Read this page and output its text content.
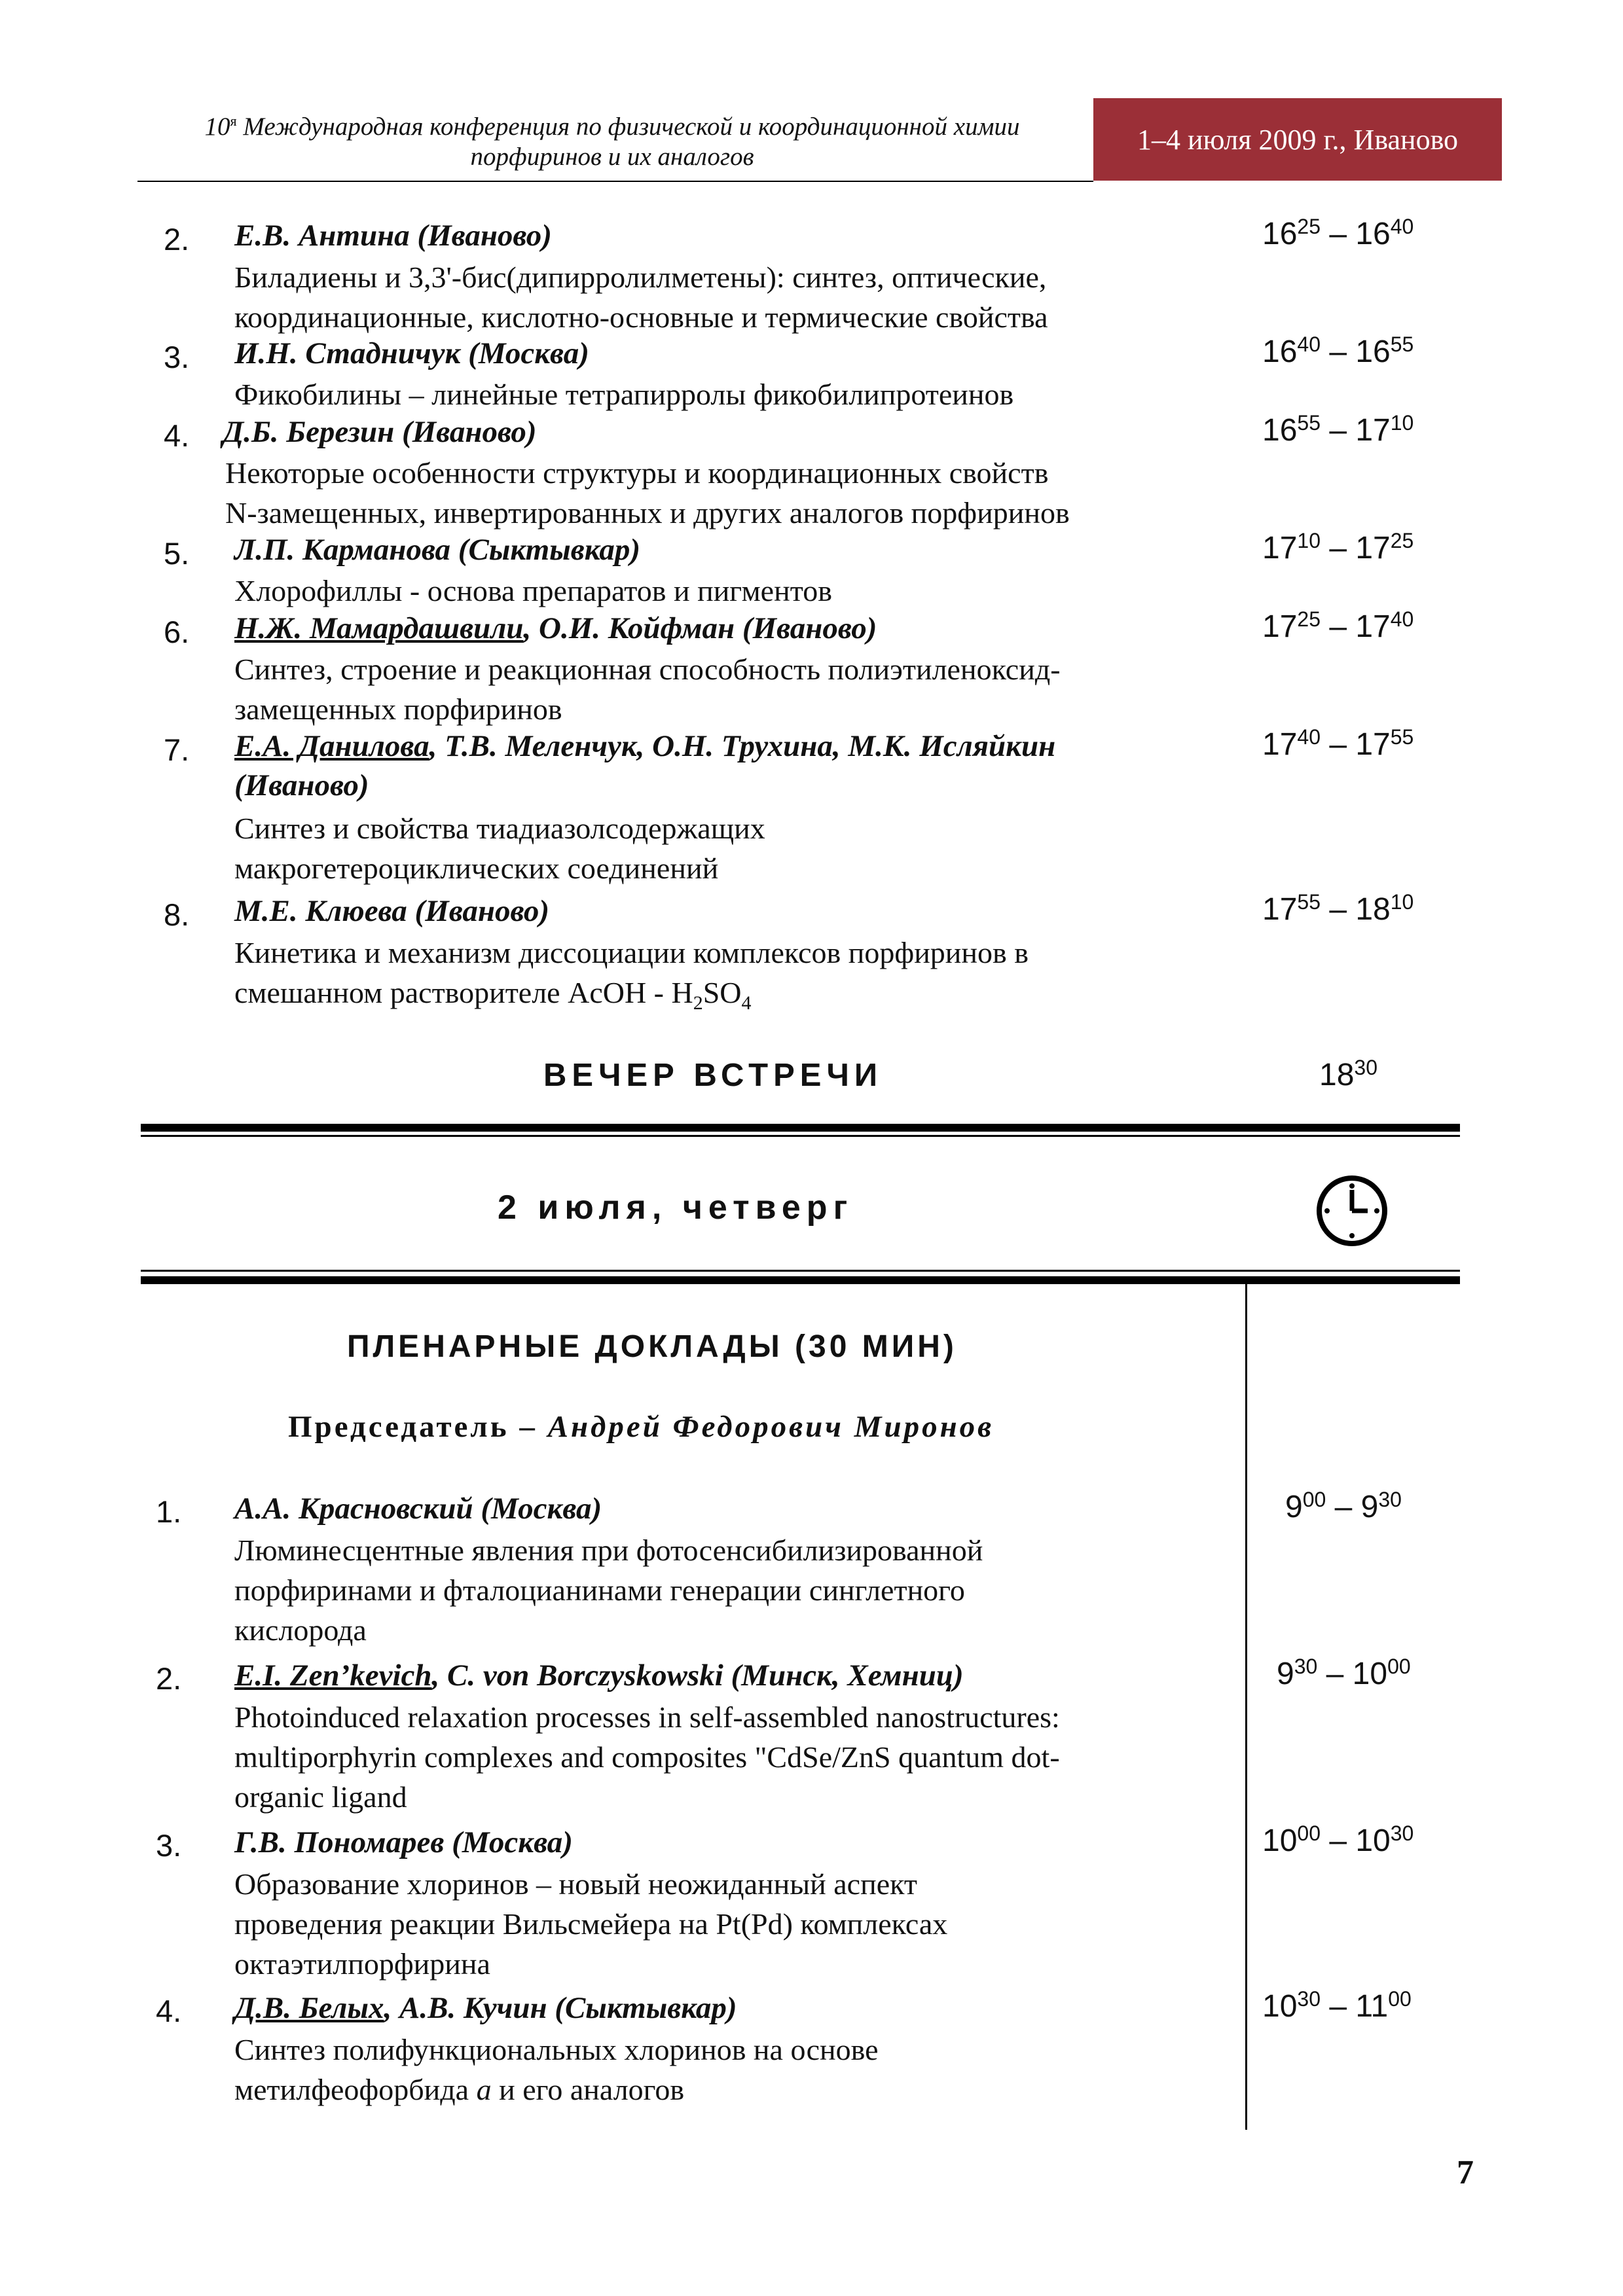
$10^я$ Международная конференция по физической и координационной химии
порфиринов и их аналогов
1–4 июля 2009 г., Иваново
2.	Е.В. Антина (Иваново)	$16^{25} - 16^{40}$
Биладиены и 3,3'-бис(дипирролилметены): синтез, оптические,
координационные, кислотно-основные и термические свойства
3.	И.Н. Стадничук (Москва)	$16^{40} - 16^{55}$
Фикобилины – линейные тетрапирролы фикобилипротеинов
4.	Д.Б. Березин (Иваново)	$16^{55} - 17^{10}$
Некоторые особенности структуры и координационных свойств
N-замещенных, инвертированных и других аналогов порфиринов
5.	Л.П. Карманова (Сыктывкар)	$17^{10} - 17^{25}$
Хлорофиллы - основа препаратов и пигментов
6.	Н.Ж. Мамардашвили, О.И. Койфман (Иваново)	$17^{25} - 17^{40}$
Синтез, строение и реакционная способность полиэтиленоксид-
замещенных порфиринов
7.	Е.А. Данилова, Т.В. Меленчук, О.Н. Трухина, М.К. Исляйкин
(Иваново)
$17^{40} - 17^{55}$
Синтез и свойства тиадиазолсодержащих
макрогетероциклических соединений
8.	М.Е. Клюева (Иваново)	$17^{55} - 18^{10}$
Кинетика и механизм диссоциации комплексов порфиринов в
смешанном растворителе AcOH - $H_2SO_4$
ВЕЧЕР ВСТРЕЧИ	$18^{30}$
2 июля, четверг
ПЛЕНАРНЫЕ ДОКЛАДЫ (30 МИН)
Председатель – Андрей Федорович Миронов
1.	А.А. Красновский (Москва)	$9^{00} - 9^{30}$
Люминесцентные явления при фотосенсибилизированной
порфиринами и фталоцианинами генерации синглетного
кислорода
2.	E.I. Zen’kevich, C. von Borczyskowski (Минск, Хемниц)	$9^{30} - 10^{00}$
Photoinduced relaxation processes in self-assembled nanostructures:
multiporphyrin complexes and composites "CdSe/ZnS quantum dot-
organic ligand
3.	Г.В. Пономарев (Москва)	$10^{00} - 10^{30}$
Образование хлоринов – новый неожиданный аспект
проведения реакции Вильсмейера на Pt(Pd) комплексах
октаэтилпорфирина
4.	Д.В. Белых, А.В. Кучин (Сыктывкар)	$10^{30} - 11^{00}$
Синтез полифункциональных хлоринов на основе
метилфеофорбида а и его аналогов
7
